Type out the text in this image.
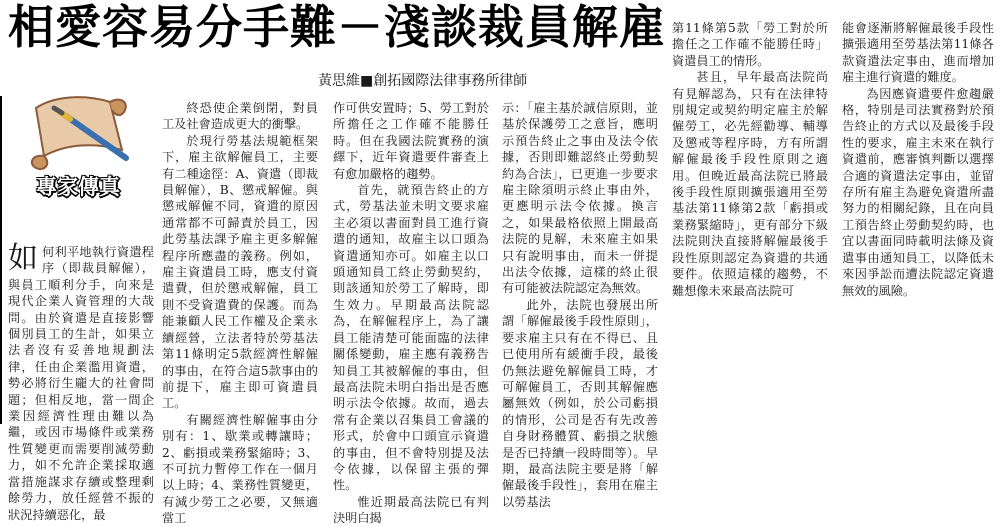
相愛容易分手難－淺談裁員解雇
黃思維■創拓國際法律事務所律師
專家傳真
如 何利平地執行資遣程序（即裁員解僱），與員工順利分手，向來是現代企業人資管理的大哉問。由於資遣是直接影響個別員工的生計，如果立法者沒有妥善地規劃法律，任由企業濫用資遣，勢必將衍生龐大的社會問題；但相反地，當一間企業因經濟性理由難以為繼，或因市場條件或業務性質變更而需要削減勞動力，如不允許企業採取適當措施謀求存續或整理剩餘勞力，放任經營不振的狀況持續惡化，最

終恐使企業倒閉，對員工及社會造成更大的衝擊。

於現行勞基法規範框架下，雇主欲解僱員工，主要有二種途徑：A、資遣（即裁員解僱），B、懲戒解僱。與懲戒解僱不同，資遣的原因通常都不可歸責於員工，因此勞基法課予雇主更多解僱程序所應盡的義務。例如，雇主資遣員工時，應支付資遣費，但於懲戒解僱，員工則不受資遣費的保護。而為能兼顧人民工作權及企業永續經營，立法者特於勞基法第11條明定5款經濟性解僱的事由，在符合這5款事由的前提下，雇主即可資遣員工。

有關經濟性解僱事由分別有：1、歇業或轉讓時；2、虧損或業務緊縮時；3、不可抗力暫停工作在一個月以上時；4、業務性質變更，有減少勞工之必要，又無適當工

作可供安置時；5、勞工對於所擔任之工作確不能勝任時。但在我國法院實務的演繹下，近年資遣要件審查上有愈加嚴格的趨勢。

首先，就預告終止的方式，勞基法並未明文要求雇主必須以書面對員工進行資遣的通知，故雇主以口頭為資遣通知亦可。如雇主以口頭通知員工終止勞動契約，則該通知於勞工了解時，即生效力。早期最高法院認為，在解僱程序上，為了讓員工能清楚可能面臨的法律關係變動，雇主應有義務告知員工其被解僱的事由，但最高法院未明白指出是否應明示法令依據。故而，過去常有企業以召集員工會議的形式，於會中口頭宣示資遣的事由，但不會特別提及法令依據，以保留主張的彈性。

惟近期最高法院已有判決明白揭

示：「雇主基於誠信原則，並基於保護勞工之意旨，應明示預告終止之事由及法令依據，否則即難認終止勞動契約為合法」，已更進一步要求雇主除須明示終止事由外，更應明示法令依據。換言之，如果最格依照上開最高法院的見解，未來雇主如果只有說明事由，而未一併提出法令依據，這樣的終止很有可能被法院認定為無效。

此外，法院也發展出所謂「解僱最後手段性原則」，要求雇主只有在不得已、且已使用所有緩衝手段，最後仍無法避免解僱員工時，才可解僱員工，否則其解僱應屬無效（例如，於公司虧損的情形，公司是否有先改善自身財務體質、虧損之狀態是否已持續一段時間等）。早期，最高法院主要是將「解僱最後手段性」，套用在雇主以勞基法

第11條第5款「勞工對於所擔任之工作確不能勝任時」資遣員工的情形。

甚且，早年最高法院尚有見解認為，只有在法律特別規定或契約明定雇主於解僱勞工，必先經勸導、輔導及懲戒等程序時，方有所謂解僱最後手段性原則之適用。但晚近最高法院已將最後手段性原則擴張適用至勞基法第11條第2款「虧損或業務緊縮時」，更有部分下級法院則決直接將解僱最後手段性原則認定為資遣的共通要件。依照這樣的趨勢，不難想像未來最高法院可

能會逐漸將解僱最後手段性擴張適用至勞基法第11條各款資遣法定事由，進而增加雇主進行資遣的難度。

為因應資遣要件愈趨嚴格，特別是司法實務對於預告終止的方式以及最後手段性的要求，雇主未來在執行資遣前，應審慎判斷以選擇合適的資遣法定事由，並留存所有雇主為避免資遣所盡努力的相關紀錄，且在向員工預告終止勞動契約時，也宜以書面同時載明法條及資遣事由通知員工，以降低未來因爭訟而遭法院認定資遣無效的風險。
